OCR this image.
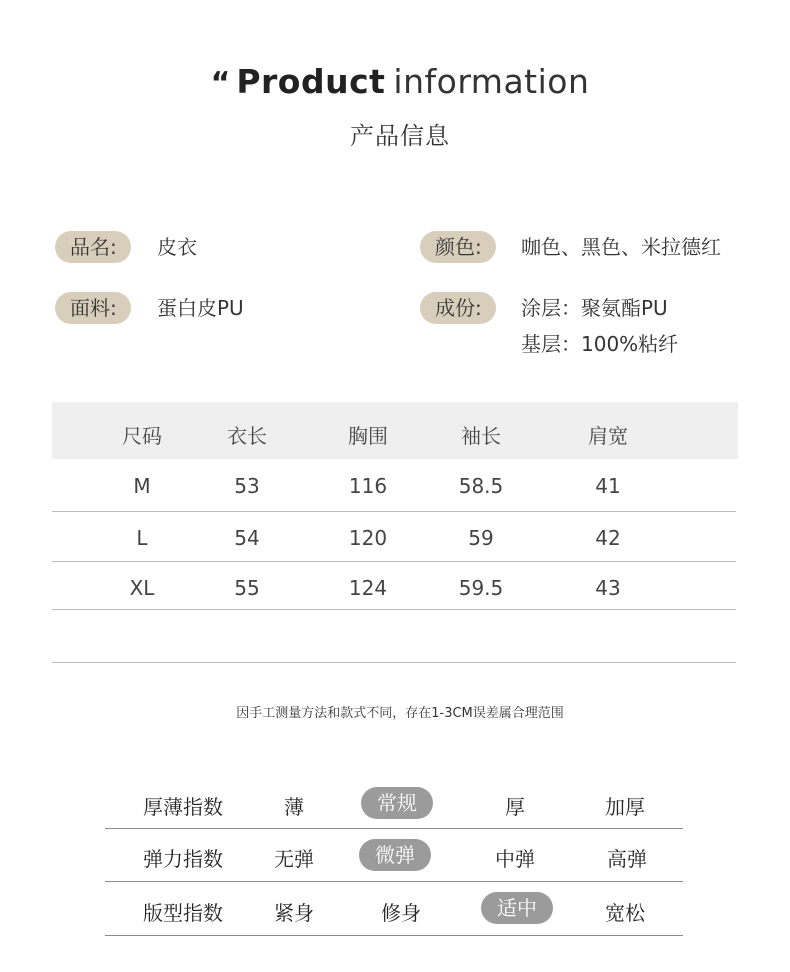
“ Product information
产品信息
品名:	皮衣	颜色:	咖色、黑色、米拉德红
面料:	蛋白皮PU	成份:	涂层：聚氨酯PU
基层：100%粘纤
尺码	衣长	胸围	袖长	肩宽
M	53	116	58.5	41
L	54	120	59	42
XL	55	124	59.5	43
因手工测量方法和款式不同，存在1-3CM误差属合理范围
厚薄指数	薄	常规	厚	加厚
弹力指数	无弹	微弹	中弹	高弹
版型指数	紧身	修身	适中	宽松
